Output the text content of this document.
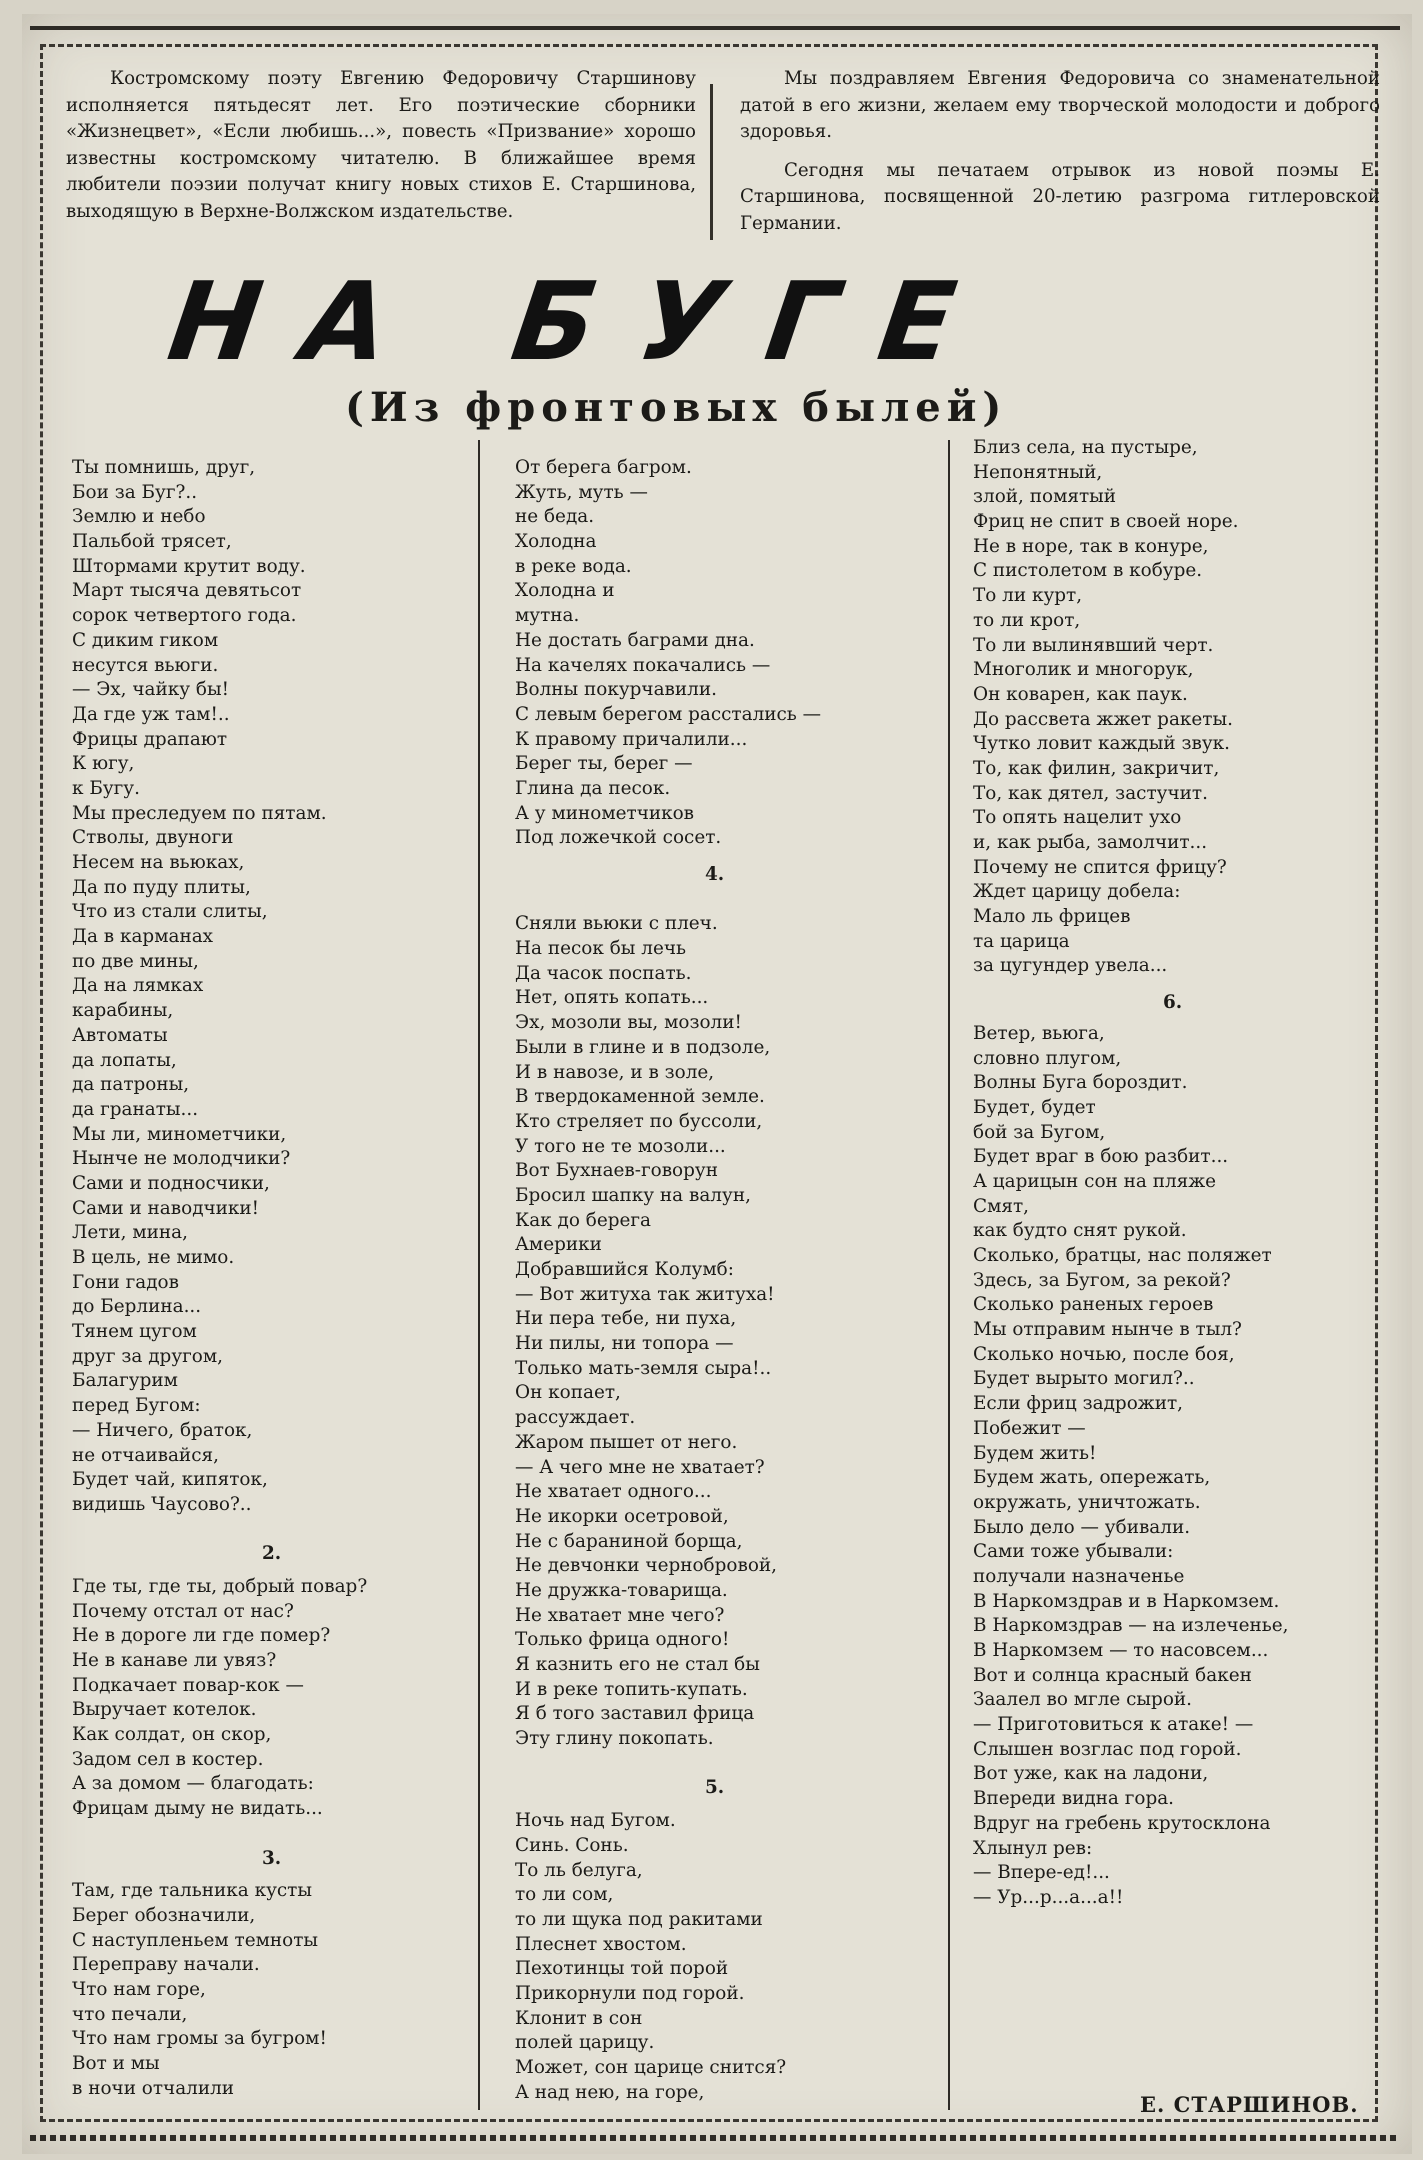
Костромскому поэту Евгению Федоровичу Старшинову исполняется пятьдесят лет. Его поэтические сборники «Жизнецвет», «Если любишь...», повесть «Призвание» хорошо известны костромскому читателю. В ближайшее время любители поэзии получат книгу новых стихов Е. Старшинова, выходящую в Верхне-Волжском издательстве.

Мы поздравляем Евгения Федоровича со знаменательной датой в его жизни, желаем ему творческой молодости и доброго здоровья.

Сегодня мы печатаем отрывок из новой поэмы Е. Старшинова, посвященной 20-летию разгрома гитлеровской Германии.

НА БУГЕ
(Из фронтовых былей)
Ты помнишь, друг,
Бои за Буг?..
Землю и небо
Пальбой трясет,
Штормами крутит воду.
Март тысяча девятьсот
сорок четвертого года.
С диким гиком
несутся вьюги.
— Эх, чайку бы!
Да где уж там!..
Фрицы драпают
К югу,
к Бугу.
Мы преследуем по пятам.
Стволы, двуноги
Несем на вьюках,
Да по пуду плиты,
Что из стали слиты,
Да в карманах
по две мины,
Да на лямках
карабины,
Автоматы
да лопаты,
да патроны,
да гранаты...
Мы ли, минометчики,
Нынче не молодчики?
Сами и подносчики,
Сами и наводчики!
Лети, мина,
В цель, не мимо.
Гони гадов
до Берлина...
Тянем цугом
друг за другом,
Балагурим
перед Бугом:
— Ничего, браток,
не отчаивайся,
Будет чай, кипяток,
видишь Чаусово?..
2.
Где ты, где ты, добрый повар?
Почему отстал от нас?
Не в дороге ли где помер?
Не в канаве ли увяз?
Подкачает повар-кок —
Выручает котелок.
Как солдат, он скор,
Задом сел в костер.
А за домом — благодать:
Фрицам дыму не видать...
3.
Там, где тальника кусты
Берег обозначили,
С наступленьем темноты
Переправу начали.
Что нам горе,
что печали,
Что нам громы за бугром!
Вот и мы
в ночи отчалили
От берега багром.
Жуть, муть —
не беда.
Холодна
в реке вода.
Холодна и
мутна.
Не достать баграми дна.
На качелях покачались —
Волны покурчавили.
С левым берегом расстались —
К правому причалили...
Берег ты, берег —
Глина да песок.
А у минометчиков
Под ложечкой сосет.
4.
Сняли вьюки с плеч.
На песок бы лечь
Да часок поспать.
Нет, опять копать...
Эх, мозоли вы, мозоли!
Были в глине и в подзоле,
И в навозе, и в золе,
В твердокаменной земле.
Кто стреляет по буссоли,
У того не те мозоли...
Вот Бухнаев-говорун
Бросил шапку на валун,
Как до берега
Америки
Добравшийся Колумб:
— Вот житуха так житуха!
Ни пера тебе, ни пуха,
Ни пилы, ни топора —
Только мать-земля сыра!..
Он копает,
рассуждает.
Жаром пышет от него.
— А чего мне не хватает?
Не хватает одного...
Не икорки осетровой,
Не с бараниной борща,
Не девчонки чернобровой,
Не дружка-товарища.
Не хватает мне чего?
Только фрица одного!
Я казнить его не стал бы
И в реке топить-купать.
Я б того заставил фрица
Эту глину покопать.
5.
Ночь над Бугом.
Синь. Сонь.
То ль белуга,
то ли сом,
то ли щука под ракитами
Плеснет хвостом.
Пехотинцы той порой
Прикорнули под горой.
Клонит в сон
полей царицу.
Может, сон царице снится?
А над нею, на горе,
Близ села, на пустыре,
Непонятный,
злой, помятый
Фриц не спит в своей норе.
Не в норе, так в конуре,
С пистолетом в кобуре.
То ли курт,
то ли крот,
То ли вылинявший черт.
Многолик и многорук,
Он коварен, как паук.
До рассвета жжет ракеты.
Чутко ловит каждый звук.
То, как филин, закричит,
То, как дятел, застучит.
То опять нацелит ухо
и, как рыба, замолчит...
Почему не спится фрицу?
Ждет царицу добела:
Мало ль фрицев
та царица
за цугундер увела...
6.
Ветер, вьюга,
словно плугом,
Волны Буга бороздит.
Будет, будет
бой за Бугом,
Будет враг в бою разбит...
А царицын сон на пляже
Смят,
как будто снят рукой.
Сколько, братцы, нас поляжет
Здесь, за Бугом, за рекой?
Сколько раненых героев
Мы отправим нынче в тыл?
Сколько ночью, после боя,
Будет вырыто могил?..
Если фриц задрожит,
Побежит —
Будем жить!
Будем жать, опережать,
окружать, уничтожать.
Было дело — убивали.
Сами тоже убывали:
получали назначенье
В Наркомздрав и в Наркомзем.
В Наркомздрав — на излеченье,
В Наркомзем — то насовсем...
Вот и солнца красный бакен
Заалел во мгле сырой.
— Приготовиться к атаке! —
Слышен возглас под горой.
Вот уже, как на ладони,
Впереди видна гора.
Вдруг на гребень крутосклона
Хлынул рев:
— Вперe-ед!...
— Ур...р...а...а!!
Е. СТАРШИНОВ.
